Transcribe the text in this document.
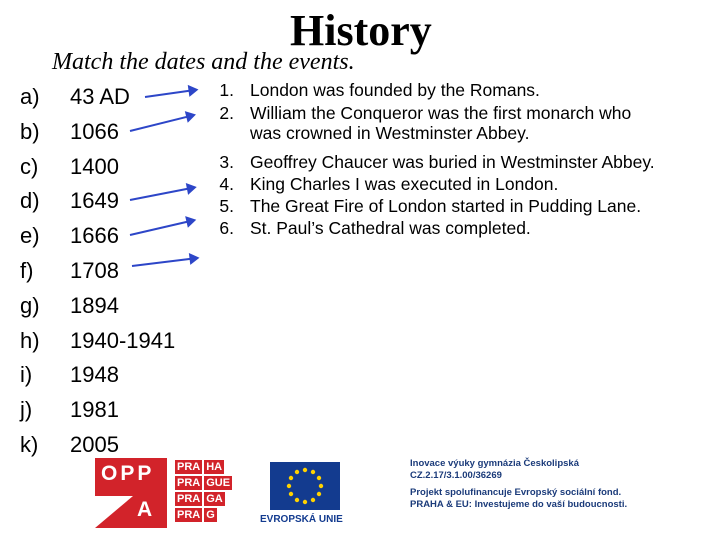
History
Match the dates and the events.
a)
b)
c)
d)
e)
f)
g)
h)
i)
j)
k)
43 AD
1066
1400
1649
1666
1708
1894
1940-1941
1948
1981
2005
1. London was founded by the Romans.
2. William the Conqueror was the first monarch who
was crowned in Westminster Abbey.
3. Geoffrey Chaucer was buried in Westminster Abbey.
4. King Charles I was executed in London.
5. The Great Fire of London started in Pudding Lane.
6. St. Paul’s Cathedral was completed.
OPP
A
PRA HA
PRA GUE
PRA GA
PRA G	EVROPSKÁ UNIE

Inovace výuky gymnázia Českolipská
CZ.2.17/3.1.00/36269

Projekt spolufinancuje Evropský sociální fond.
PRAHA & EU: Investujeme do vaší budoucnosti.
